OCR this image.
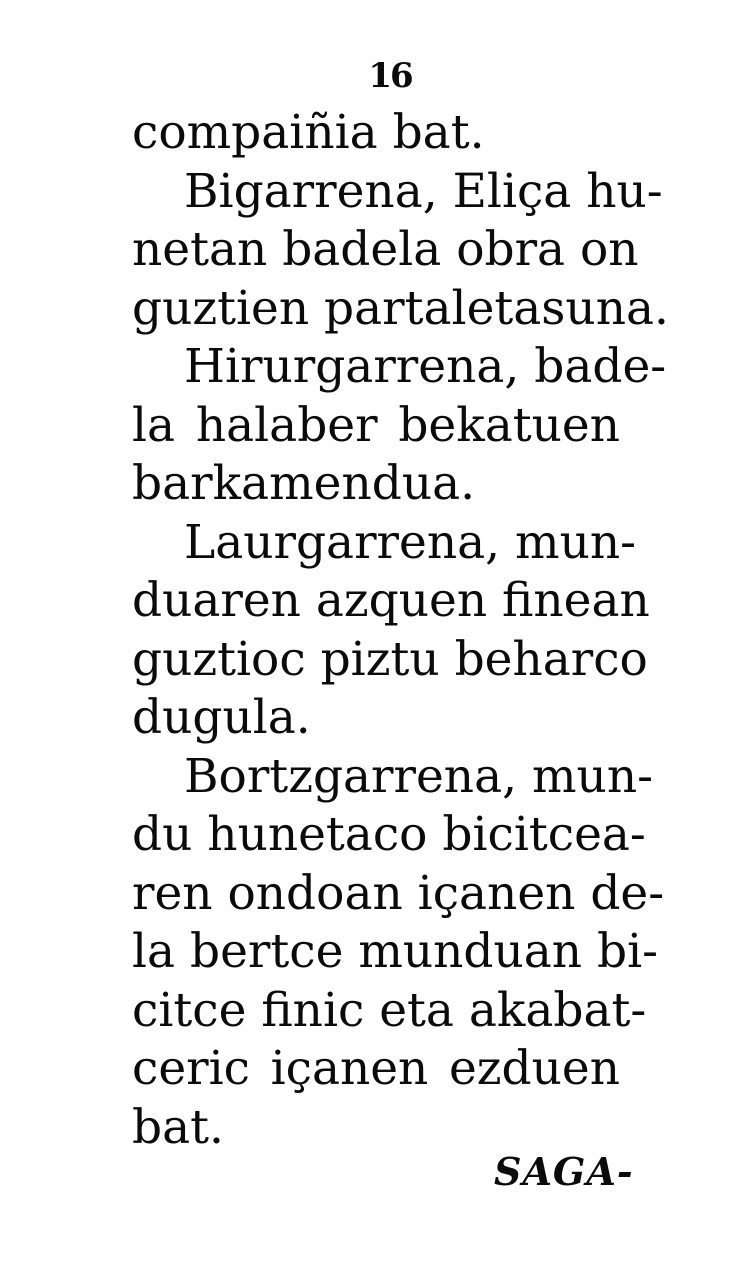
16
compaiñia bat.
Bigarrena, Eliça hu-
netan badela obra on
guztien partaletasuna.
Hirurgarrena, bade-
la halaber bekatuen
barkamendua.
Laurgarrena, mun-
duaren azquen finean
guztioc piztu beharco
dugula.
Bortzgarrena, mun-
du hunetaco bicitcea-
ren ondoan içanen de-
la bertce munduan bi-
citce finic eta akabat-
ceric içanen ezduen
bat.
SAGA-
